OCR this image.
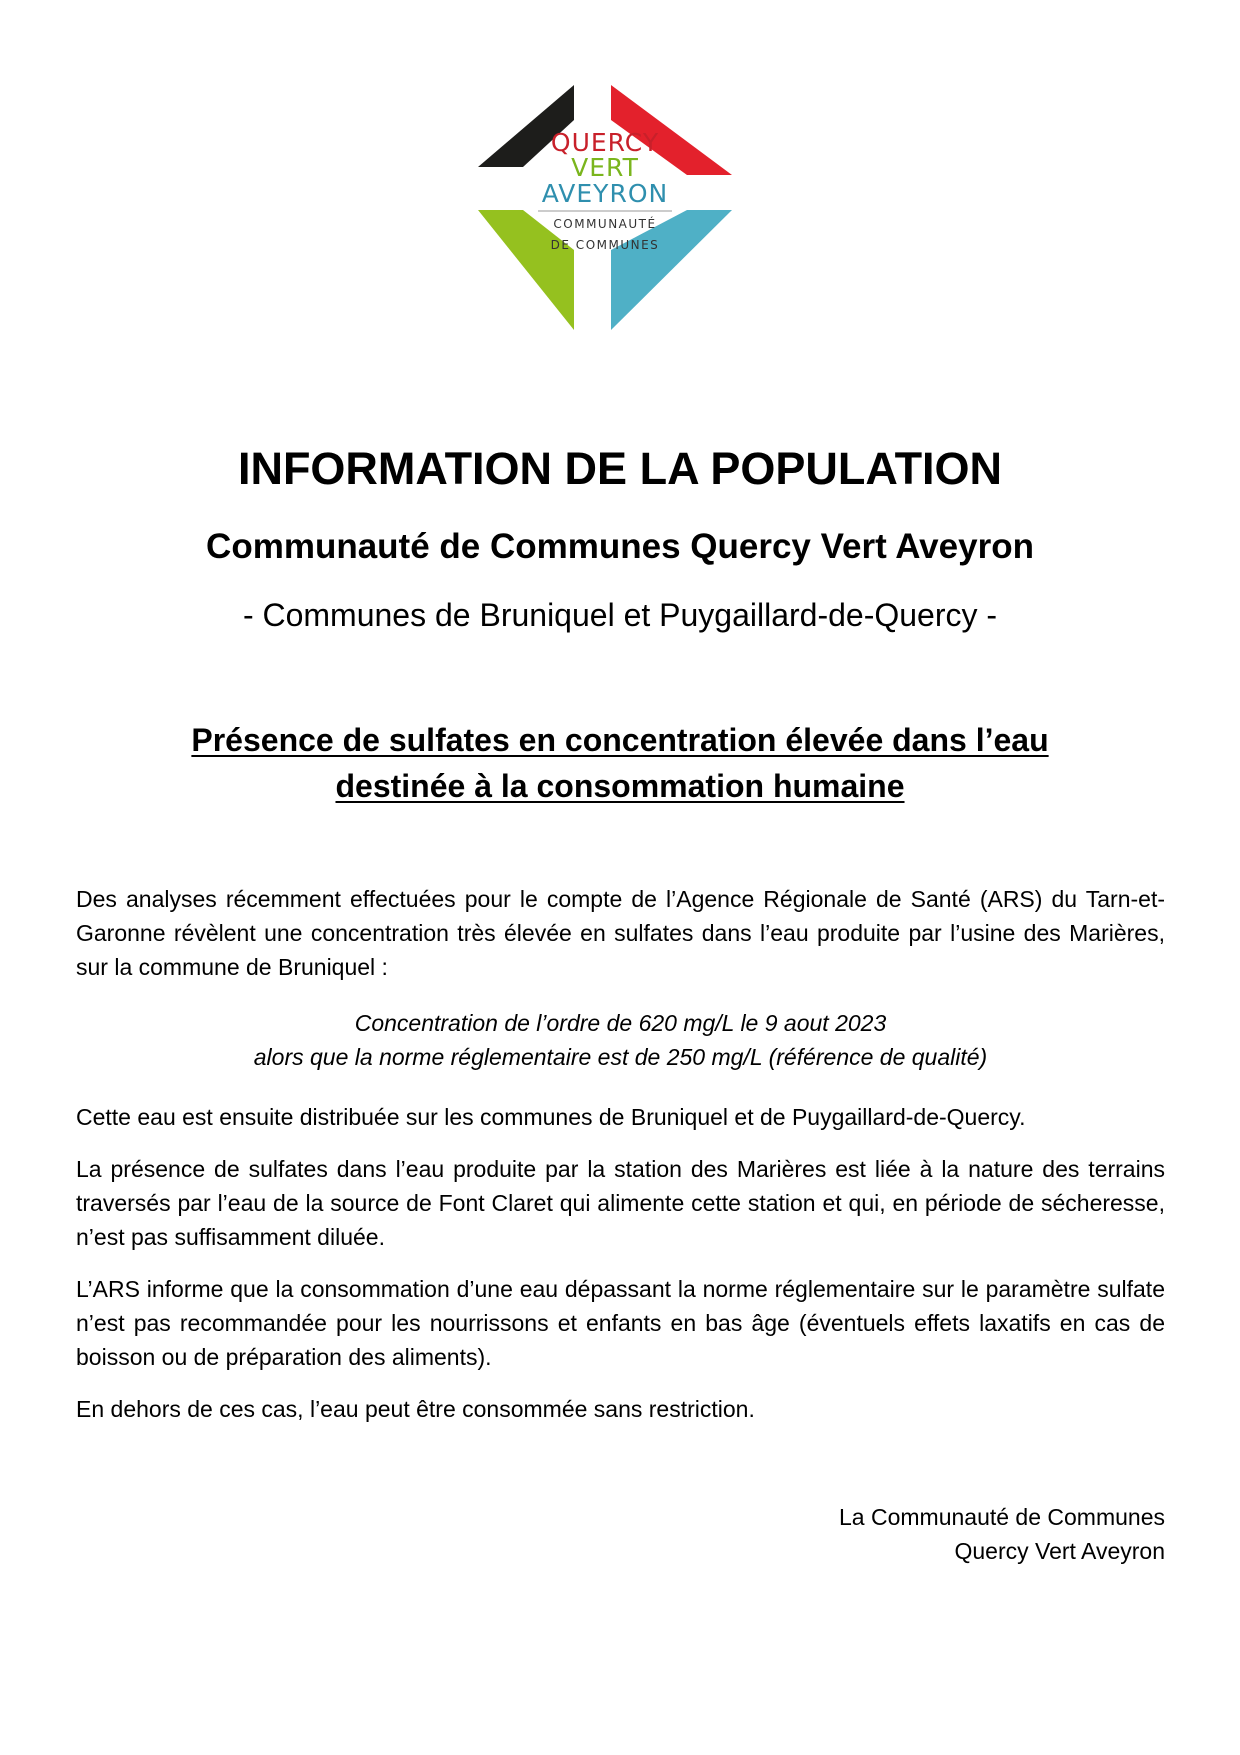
QUERCY
VERT
AVEYRON
COMMUNAUTÉ
DE COMMUNES
INFORMATION DE LA POPULATION
Communauté de Communes Quercy Vert Aveyron

- Communes de Bruniquel et Puygaillard-de-Quercy -

Présence de sulfates en concentration élevée dans l’eau
destinée à la consommation humaine

Des analyses récemment effectuées pour le compte de l’Agence Régionale de Santé (ARS) du Tarn-et-Garonne révèlent une concentration très élevée en sulfates dans l’eau produite par l’usine des Marières, sur la commune de Bruniquel :

Concentration de l’ordre de 620 mg/L le 9 aout 2023
alors que la norme réglementaire est de 250 mg/L (référence de qualité)

Cette eau est ensuite distribuée sur les communes de Bruniquel et de Puygaillard-de-Quercy.

La présence de sulfates dans l’eau produite par la station des Marières est liée à la nature des terrains traversés par l’eau de la source de Font Claret qui alimente cette station et qui, en période de sécheresse, n’est pas suffisamment diluée.

L’ARS informe que la consommation d’une eau dépassant la norme réglementaire sur le paramètre sulfate n’est pas recommandée pour les nourrissons et enfants en bas âge (éventuels effets laxatifs en cas de boisson ou de préparation des aliments).

En dehors de ces cas, l’eau peut être consommée sans restriction.

La Communauté de Communes
Quercy Vert Aveyron
